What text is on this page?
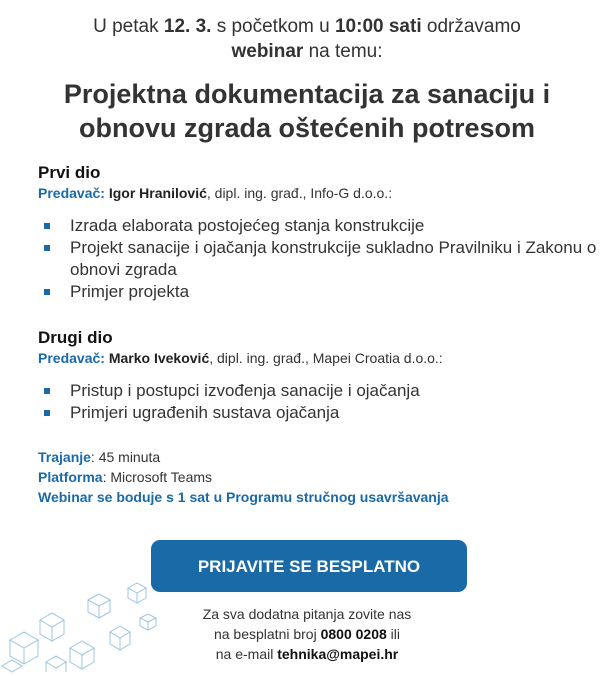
U petak 12. 3. s početkom u 10:00 sati održavamo
webinar na temu:
Projektna dokumentacija za sanaciju i
obnovu zgrada oštećenih potresom
Prvi dio
Predavač: Igor Hranilović, dipl. ing. građ., Info-G d.o.o.:
Izrada elaborata postojećeg stanja konstrukcije
Projekt sanacije i ojačanja konstrukcije sukladno Pravilniku i Zakonu o obnovi zgrada
Primjer projekta
Drugi dio
Predavač: Marko Iveković, dipl. ing. građ., Mapei Croatia d.o.o.:
Pristup i postupci izvođenja sanacije i ojačanja
Primjeri ugrađenih sustava ojačanja
Trajanje: 45 minuta
Platforma: Microsoft Teams
Webinar se boduje s 1 sat u Programu stručnog usavršavanja
PRIJAVITE SE BESPLATNO
Za sva dodatna pitanja zovite nas
na besplatni broj 0800 0208 ili
na e-mail tehnika@mapei.hr
